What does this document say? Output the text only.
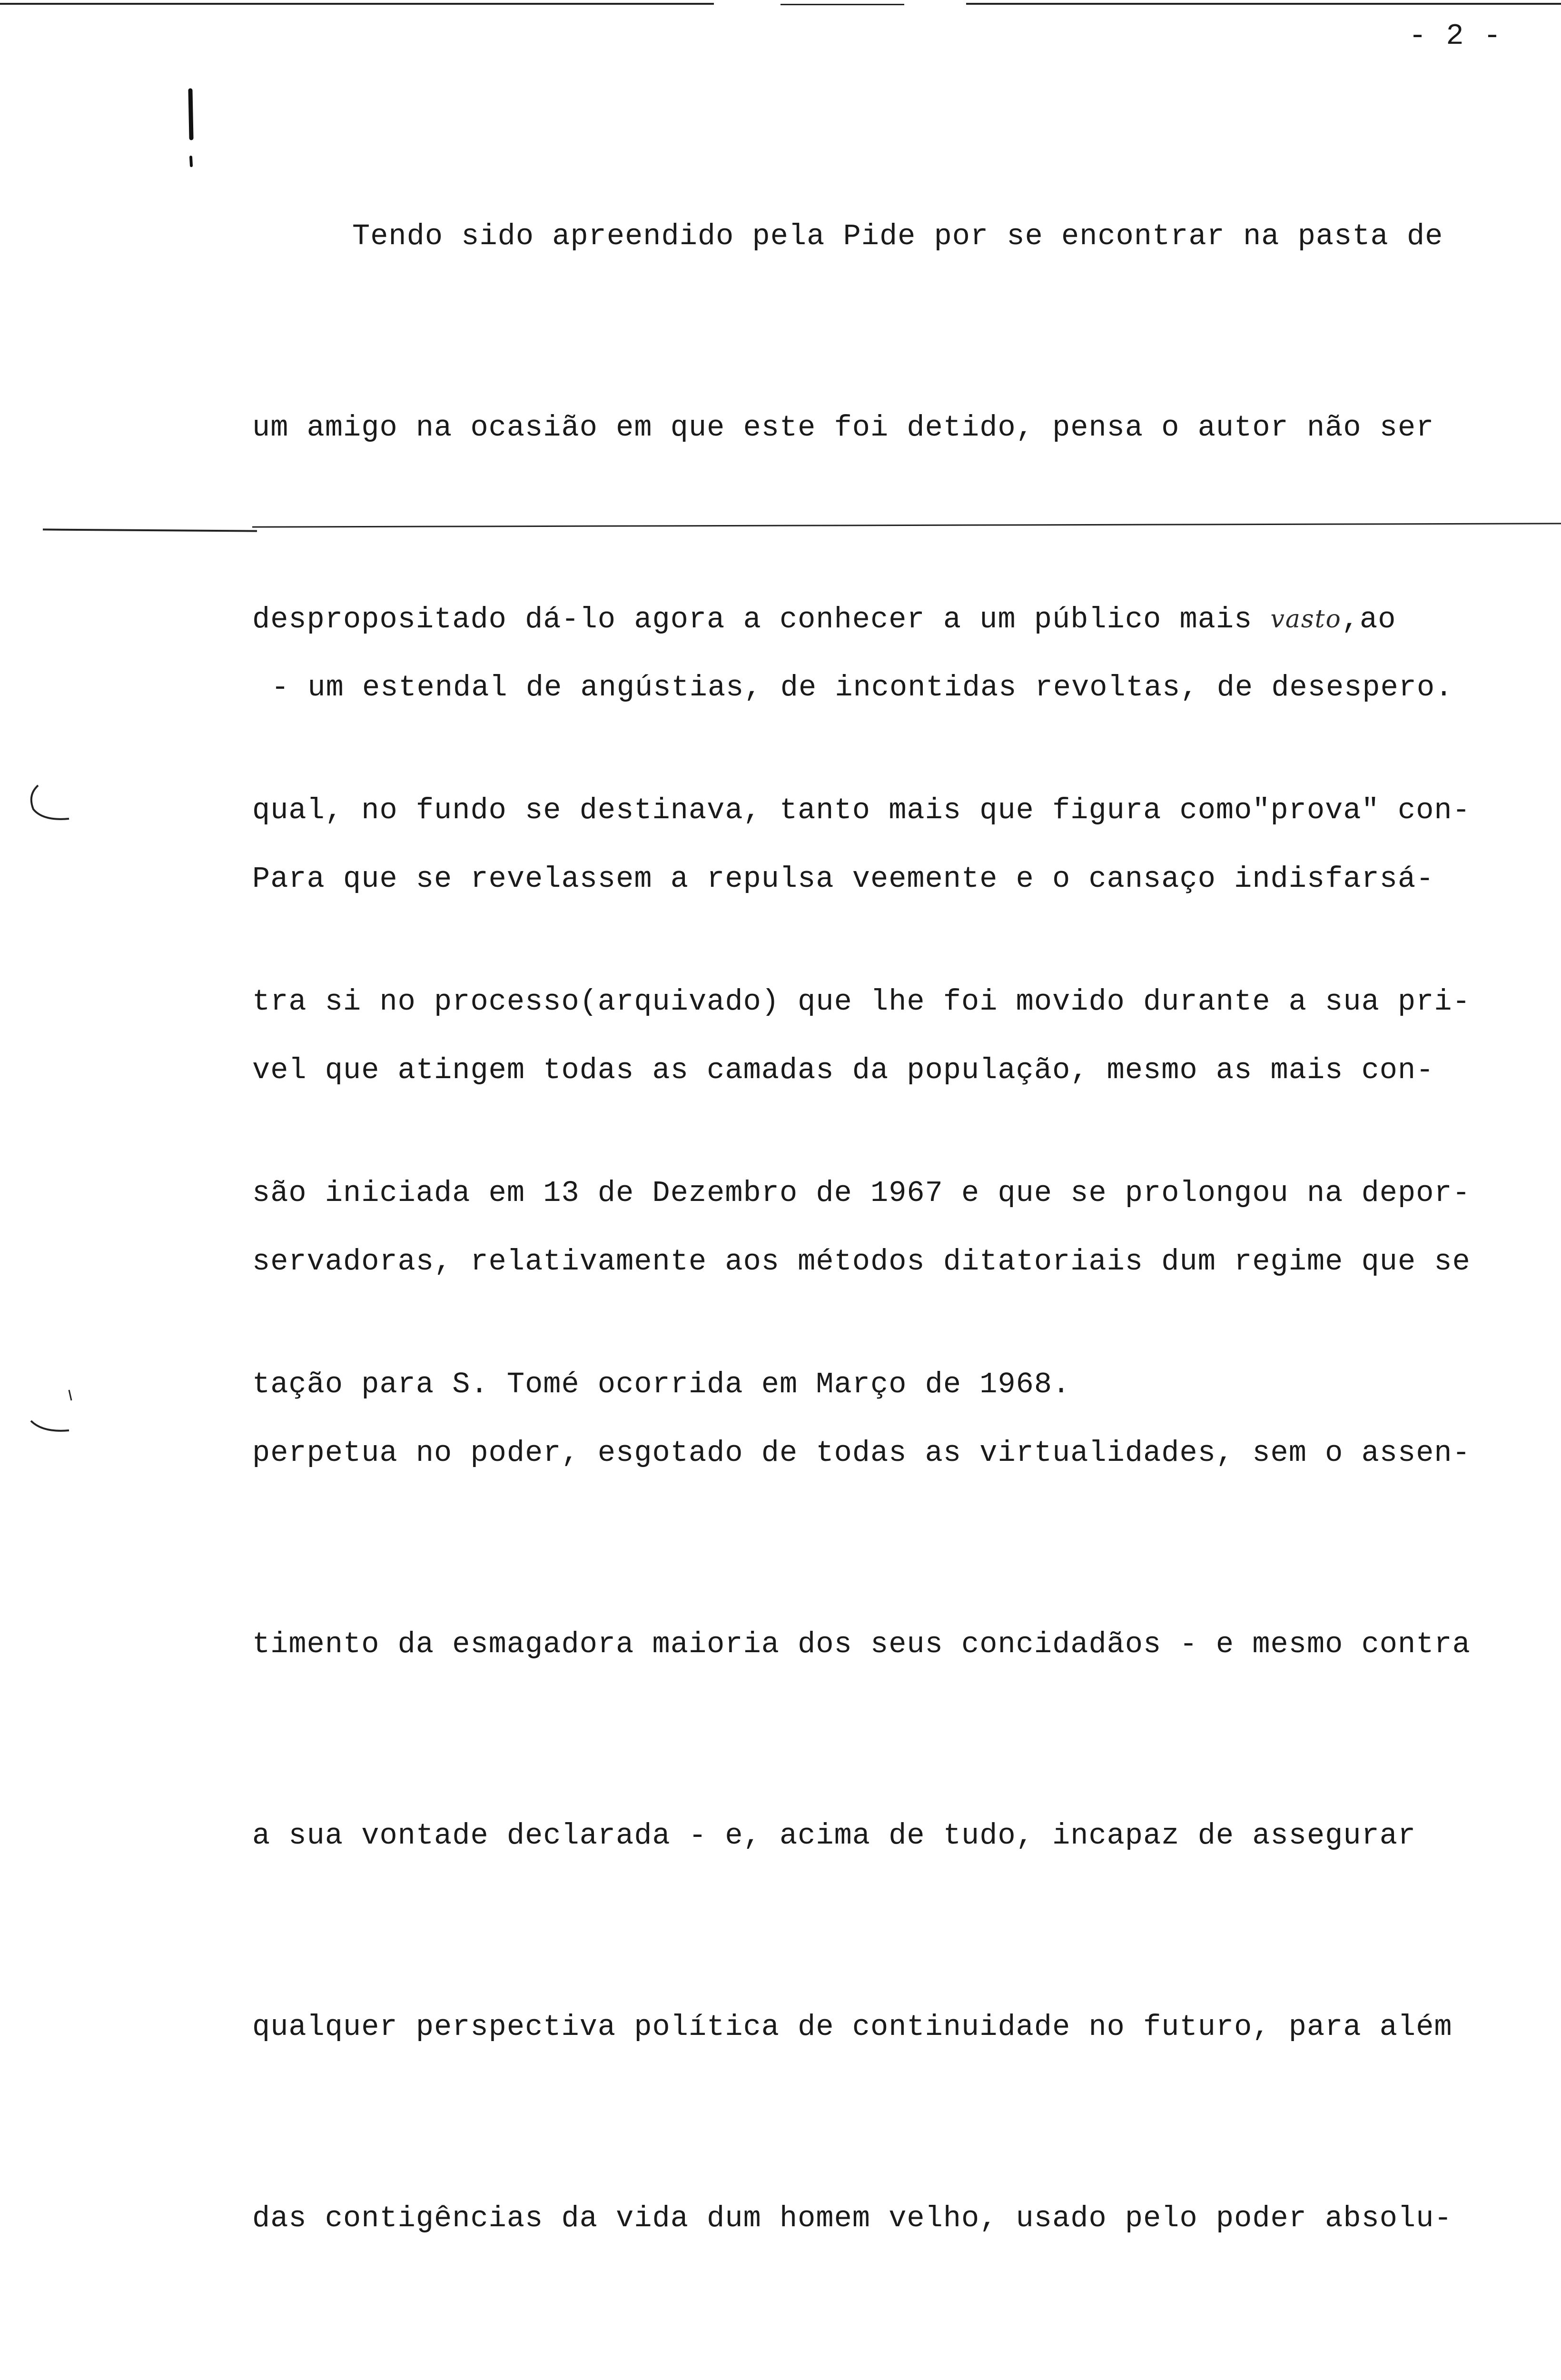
- 2 -

Tendo sido apreendido pela Pide por se encontrar na pasta de

um amigo na ocasião em que este foi detido, pensa o autor não ser

despropositado dá-lo agora a conhecer a um público mais vasto,ao

qual, no fundo se destinava, tanto mais que figura como"prova" con-

tra si no processo(arquivado) que lhe foi movido durante a sua pri-

são iniciada em 13 de Dezembro de 1967 e que se prolongou na depor-

tação para S. Tomé ocorrida em Março de 1968.

- um estendal de angústias, de incontidas revoltas, de desespero.

Para que se revelassem a repulsa veemente e o cansaço indisfarsá-

vel que atingem todas as camadas da população, mesmo as mais con-

servadoras, relativamente aos métodos ditatoriais dum regime que se

perpetua no poder, esgotado de todas as virtualidades, sem o assen-

timento da esmagadora maioria dos seus concidadãos - e mesmo contra

a sua vontade declarada - e, acima de tudo, incapaz de assegurar

qualquer perspectiva política de continuidade no futuro, para além

das contigências da vida dum homem velho, usado pelo poder absolu-
